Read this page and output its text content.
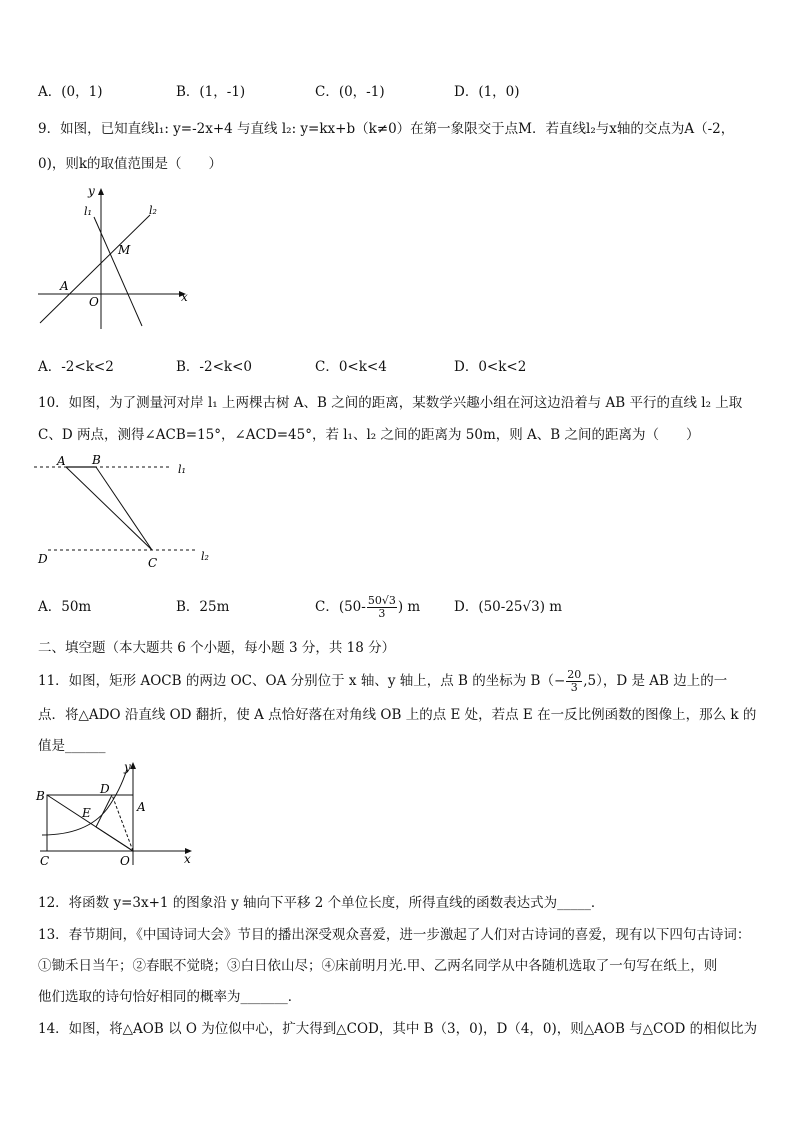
A．(0，1)	B．(1，-1)	C．(0，-1)	D．(1，0)
9．如图，已知直线l₁: y=-2x+4 与直线 l₂: y=kx+b（k≠0）在第一象限交于点M．若直线l₂与x轴的交点为A（-2，
0)，则k的取值范围是（　　）
y
x
l₁	l₂
M
A
O
A．-2<k<2	B．-2<k<0	C．0<k<4	D．0<k<2
10．如图，为了测量河对岸 l₁ 上两棵古树 A、B 之间的距离，某数学兴趣小组在河这边沿着与 AB 平行的直线 l₂ 上取
C、D 两点，测得∠ACB=15°，∠ACD=45°，若 l₁、l₂ 之间的距离为 50m，则 A、B 之间的距离为（　　）
A B
l₁
D	C	l₂
A．50m	B．25m	C．($50- \frac{50√3}{3}$ ) m	D．(50-25√3) m
二、填空题（本大题共 6 个小题，每小题 3 分，共 18 分）
11．如图，矩形 AOCB 的两边 OC、OA 分别位于 x 轴、y 轴上，点 B 的坐标为 $B(- \frac{20}{3} ,5)$，D 是 AB 边上的一
点．将△ADO 沿直线 OD 翻折，使 A 点恰好落在对角线 OB 上的点 E 处，若点 E 在一反比例函数的图像上，那么 k 的
值是______
y
x
B
A
D
E
C	O
12．将函数 y=3x+1 的图象沿 y 轴向下平移 2 个单位长度，所得直线的函数表达式为_____．
13．春节期间，《中国诗词大会》节目的播出深受观众喜爱，进一步激起了人们对古诗词的喜爱，现有以下四句古诗词：
①锄禾日当午；②春眠不觉晓；③白日依山尽；④床前明月光.甲、乙两名同学从中各随机选取了一句写在纸上，则
他们选取的诗句恰好相同的概率为_______．
14．如图，将△AOB 以 O 为位似中心，扩大得到△COD，其中 B（3，0)，D（4，0)，则△AOB 与△COD 的相似比为
